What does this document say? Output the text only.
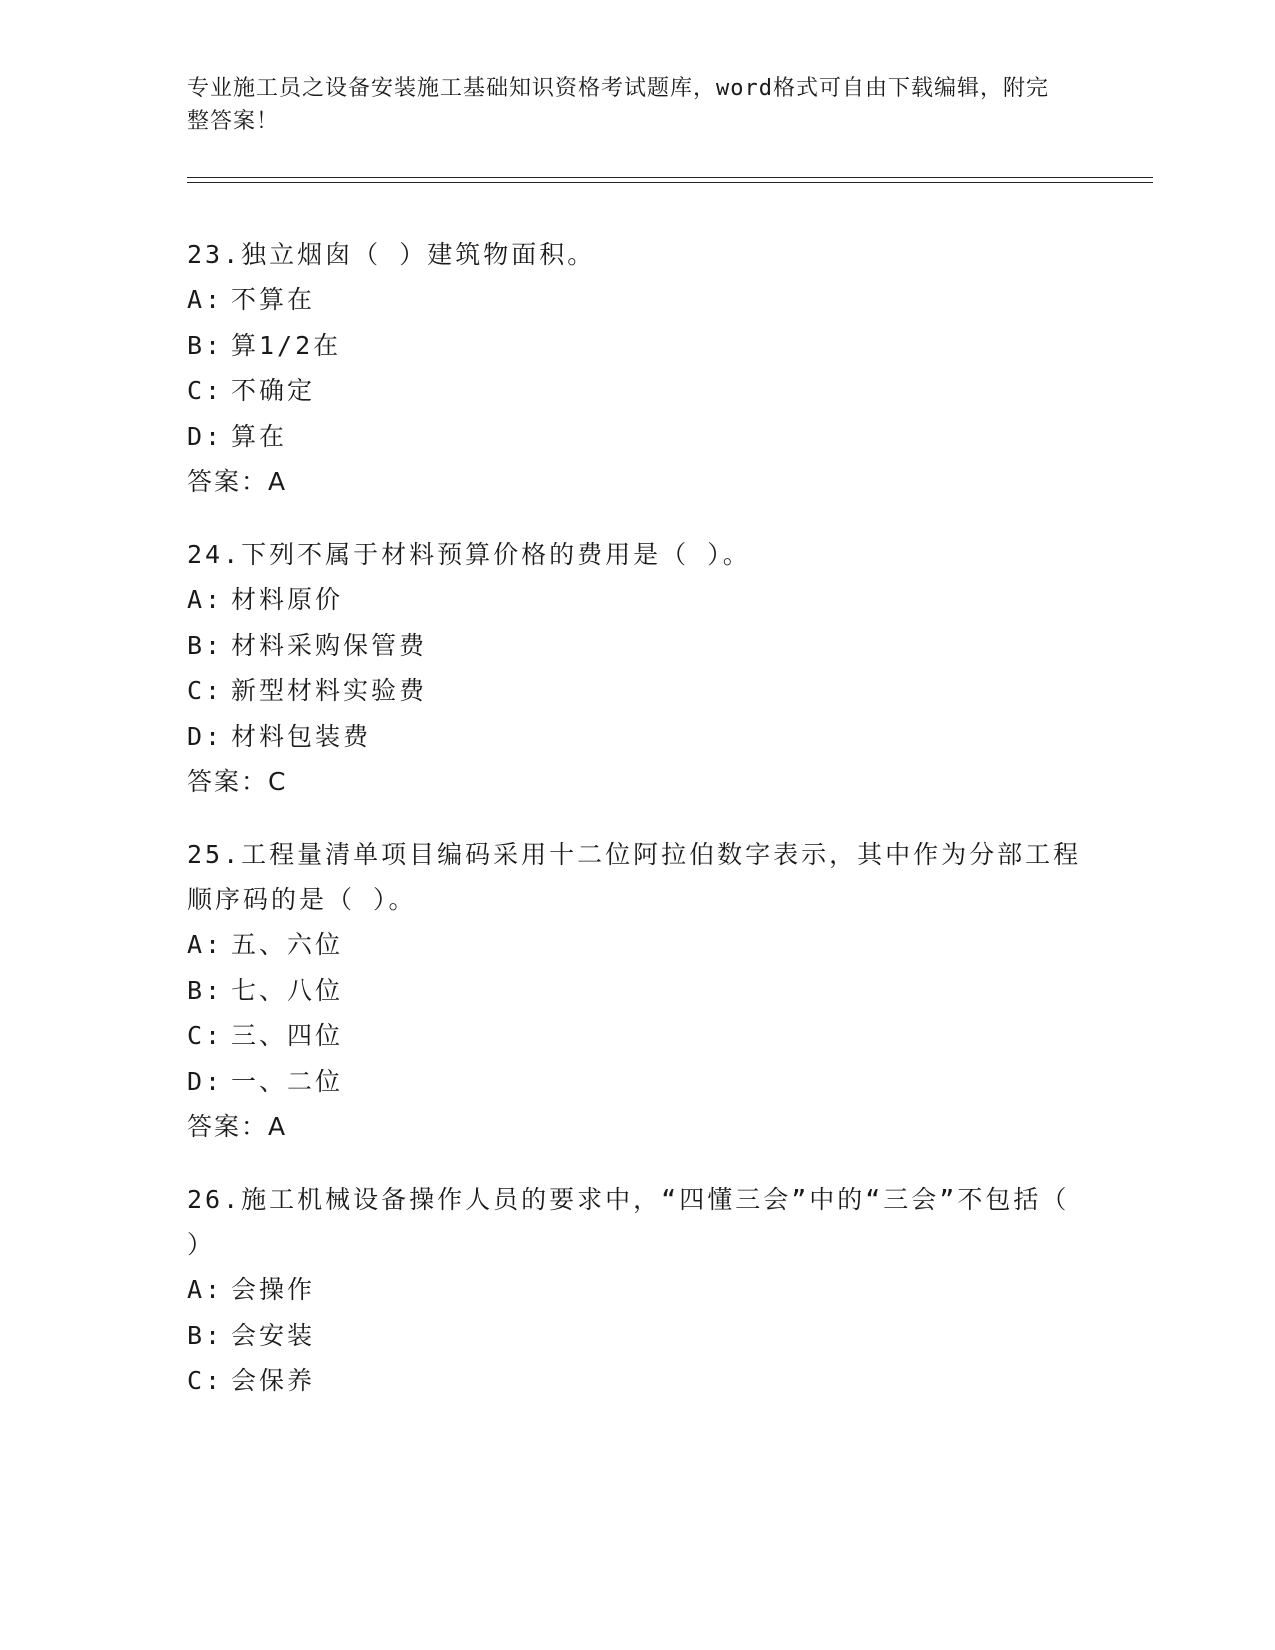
专业施工员之设备安装施工基础知识资格考试题库，word格式可自由下载编辑，附完整答案！
23.独立烟囱（ ）建筑物面积。
A: 不算在
B: 算1/2在
C: 不确定
D: 算在
答案：A
24.下列不属于材料预算价格的费用是（ ）。
A: 材料原价
B: 材料采购保管费
C: 新型材料实验费
D: 材料包装费
答案：C
25.工程量清单项目编码采用十二位阿拉伯数字表示，其中作为分部工程顺序码的是（ ）。
A: 五、六位
B: 七、八位
C: 三、四位
D: 一、二位
答案：A
26.施工机械设备操作人员的要求中，“四懂三会”中的“三会”不包括（ ）
A: 会操作
B: 会安装
C: 会保养
